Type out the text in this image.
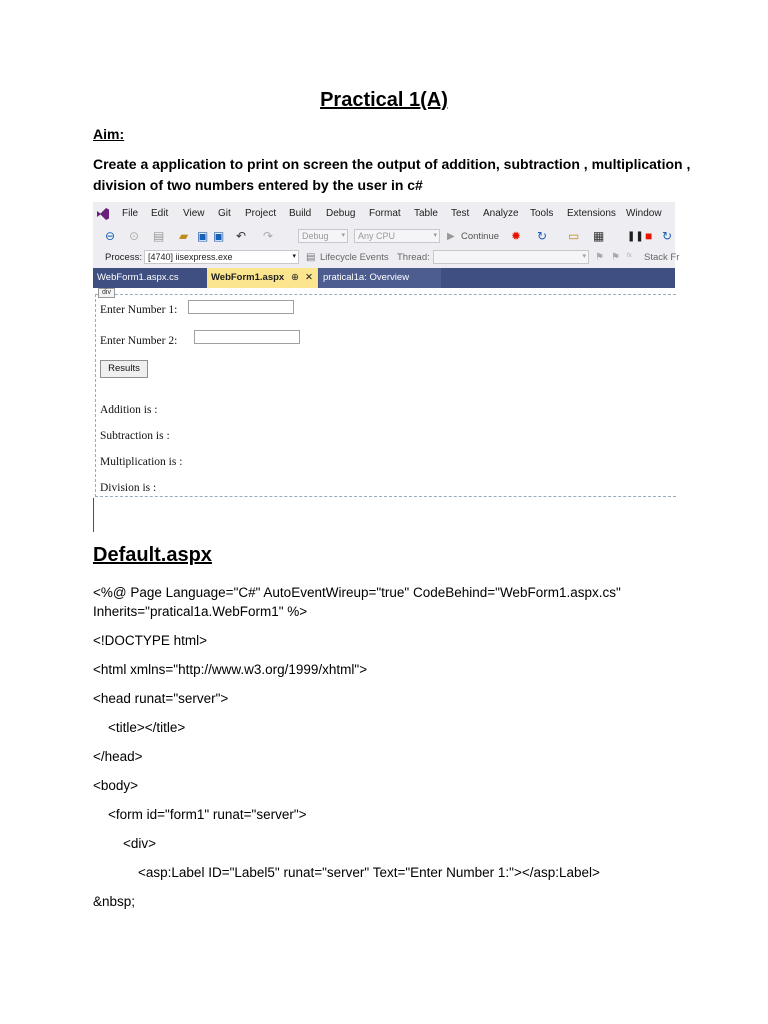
Practical 1(A)
Aim:
Create a application to print on screen the output of addition, subtraction , multiplication , division of two numbers entered by the user in c#
File Edit View Git Project Build Debug Format Table Test Analyze Tools Extensions Window
⊖ ⊙ ▤ ▰ ▣ ▣ ↶ ↷	Debug ▾	Any CPU	▾ ▶ Continue ✹ ↻ ▭ ▦ ❚❚ ■ ↻
Process: [4740] iisexpress.exe	▾ ▤ Lifecycle Events Thread:	▾ ⚑ ⚑ fx Stack Fr
WebForm1.aspx.cs	WebForm1.aspx ⊕ ✕	pratical1a: Overview
div
Enter Number 1:
Enter Number 2:
Results
Addition is :
Subtraction is :
Multiplication is :
Division is :
Default.aspx
<%@ Page Language="C#" AutoEventWireup="true" CodeBehind="WebForm1.aspx.cs"
Inherits="pratical1a.WebForm1" %>
<!DOCTYPE html>
<html xmlns="http://www.w3.org/1999/xhtml">
<head runat="server">
<title></title>
</head>
<body>
<form id="form1" runat="server">
<div>
<asp:Label ID="Label5" runat="server" Text="Enter Number 1:"></asp:Label>
&nbsp;
